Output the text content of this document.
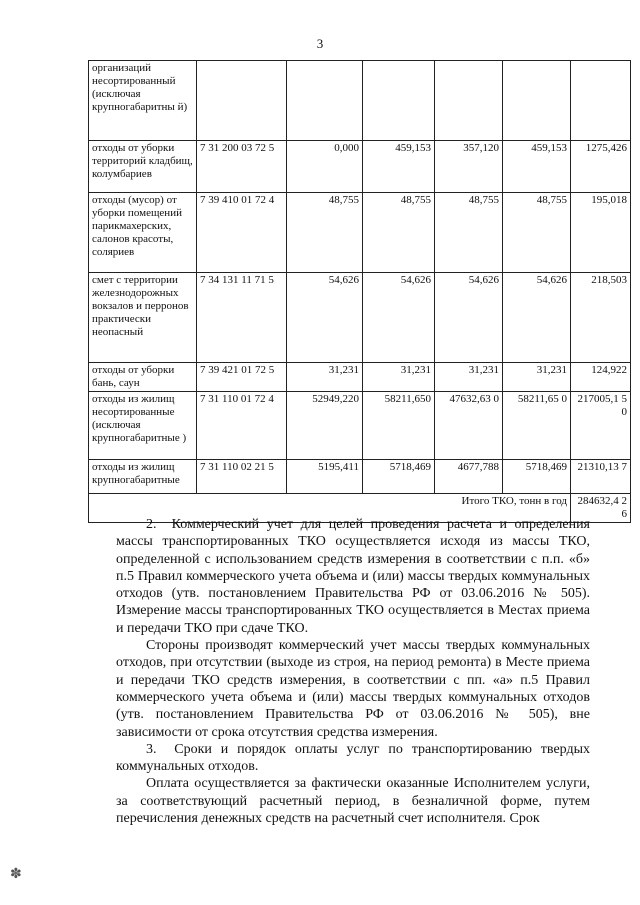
3
организаций несортированный (исключая крупногабаритны й)						
отходы от уборки территорий кладбищ, колумбариев	7 31 200 03 72 5	0,000	459,153	357,120	459,153	1275,426
отходы (мусор) от уборки помещений парикмахерских, салонов красоты, соляриев	7 39 410 01 72 4	48,755	48,755	48,755	48,755	195,018
смет с территории железнодорожных вокзалов и перронов практически неопасный	7 34 131 11 71 5	54,626	54,626	54,626	54,626	218,503
отходы от уборки бань, саун	7 39 421 01 72 5	31,231	31,231	31,231	31,231	124,922
отходы из жилищ несортированные (исключая крупногабаритные )	7 31 110 01 72 4	52949,220	58211,650	47632,63 0	58211,65 0	217005,1 50
отходы из жилищ крупногабаритные	7 31 110 02 21 5	5195,411	5718,469	4677,788	5718,469	21310,13 7
Итого ТКО, тонн в год						284632,4 26

2.  Коммерческий учет для целей проведения расчета и определения массы транспортированных ТКО осуществляется исходя из массы ТКО, определенной с использованием средств измерения в соответствии с п.п. «б» п.5 Правил коммерческого учета объема и (или) массы твердых коммунальных отходов (утв. постановлением Правительства РФ от 03.06.2016 № 505). Измерение массы транспортированных ТКО осуществляется в Местах приема и передачи ТКО при сдаче ТКО.

Стороны производят коммерческий учет массы твердых коммунальных отходов, при отсутствии (выходе из строя, на период ремонта) в Месте приема и передачи ТКО средств измерения, в соответствии с пп. «а» п.5 Правил коммерческого учета объема и (или) массы твердых коммунальных отходов (утв. постановлением Правительства РФ от 03.06.2016 № 505), вне зависимости от срока отсутствия средства измерения.

3.  Сроки и порядок оплаты услуг по транспортированию твердых коммунальных отходов.

Оплата осуществляется за фактически оказанные Исполнителем услуги, за соответствующий расчетный период, в безналичной форме, путем перечисления денежных средств на расчетный счет исполнителя. Срок

✽
